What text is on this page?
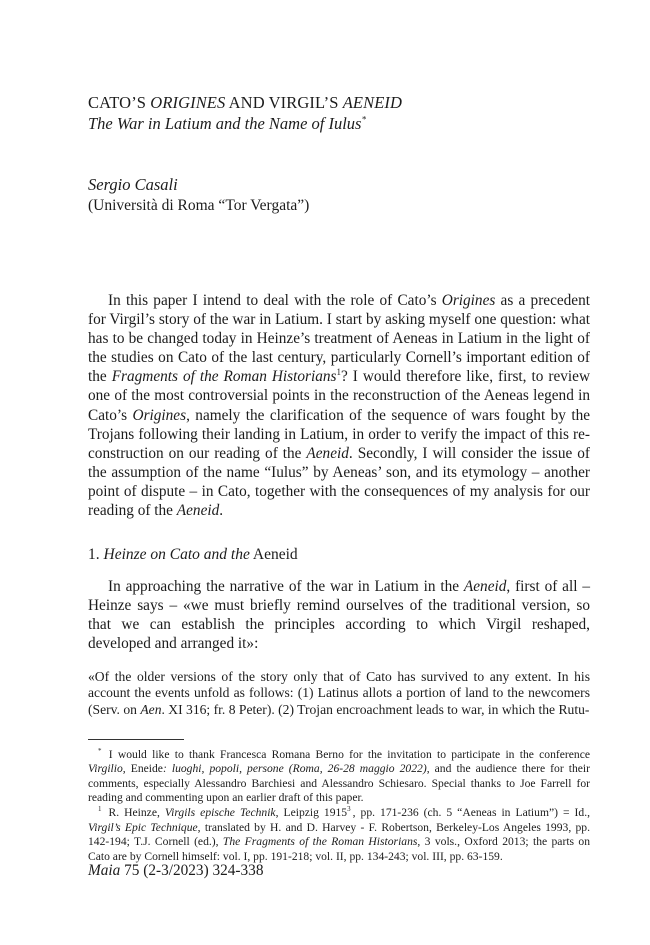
CATO’S ORIGINES AND VIRGIL’S AENEID
The War in Latium and the Name of Iulus*
Sergio Casali
(Università di Roma “Tor Vergata”)

In this paper I intend to deal with the role of Cato’s Origines as a precedent for Virgil’s story of the war in Latium. I start by asking myself one question: what has to be changed today in Heinze’s treatment of Aeneas in Latium in the light of the studies on Cato of the last century, particularly Cornell’s important edition of the Fragments of the Roman Historians$^1$? I would therefore like, first, to review one of the most controversial points in the reconstruction of the Aeneas legend in Cato’s Origines, namely the clarification of the sequence of wars fought by the Trojans following their landing in Latium, in order to verify the impact of this re-construction on our reading of the Aeneid. Secondly, I will consider the issue of the assumption of the name “Iulus” by Aeneas’ son, and its etymology – another point of dispute – in Cato, together with the consequences of my analysis for our reading of the Aeneid.

1. Heinze on Cato and the Aeneid

In approaching the narrative of the war in Latium in the Aeneid, first of all – Heinze says – «we must briefly remind ourselves of the traditional version, so that we can establish the principles according to which Virgil reshaped, developed and arranged it»:

«Of the older versions of the story only that of Cato has survived to any extent. In his account the events unfold as follows: (1) Latinus allots a portion of land to the newcomers (Serv. on Aen. XI 316; fr. 8 Peter). (2) Trojan encroachment leads to war, in which the Rutu-
* I would like to thank Francesca Romana Berno for the invitation to participate in the conference Virgilio, Eneide: luoghi, popoli, persone (Roma, 26-28 maggio 2022), and the audience there for their comments, especially Alessandro Barchiesi and Alessandro Schiesaro. Special thanks to Joe Farrell for reading and commenting upon an earlier draft of this paper.
$^1$ R. Heinze, Virgils epische Technik, Leipzig 1915$^3$ , pp. 171-236 (ch. 5 “Aeneas in Latium”) = Id., Virgil’s Epic Technique, translated by H. and D. Harvey - F. Robertson, Berkeley-Los Angeles 1993, pp. 142-194; T.J. Cornell (ed.), The Fragments of the Roman Historians, 3 vols., Oxford 2013; the parts on Cato are by Cornell himself: vol. I, pp. 191-218; vol. II, pp. 134-243; vol. III, pp. 63-159.
Maia 75 (2-3/2023) 324-338
